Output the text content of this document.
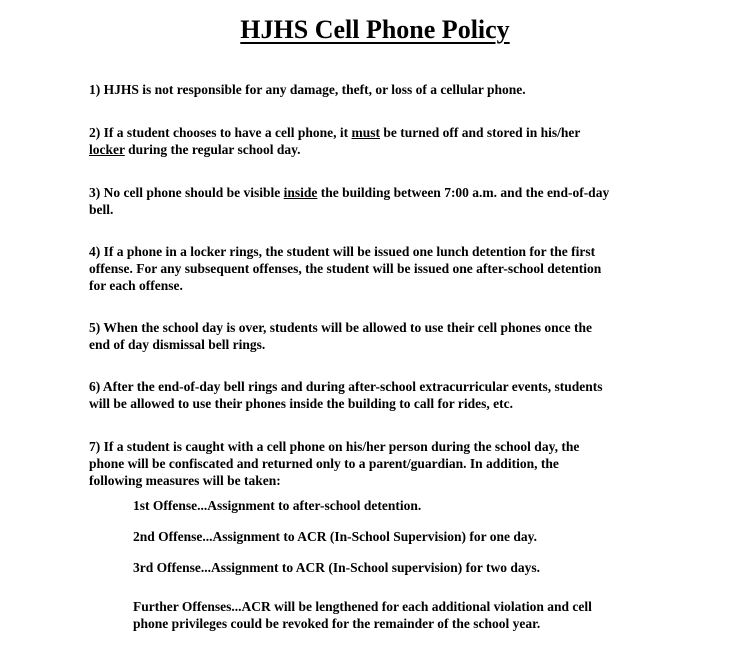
HJHS Cell Phone Policy
1) HJHS is not responsible for any damage, theft, or loss of a cellular phone.
2) If a student chooses to have a cell phone, it must be turned off and stored in his/her
locker during the regular school day.
3) No cell phone should be visible inside the building between 7:00 a.m. and the end-of-day
bell.
4) If a phone in a locker rings, the student will be issued one lunch detention for the first
offense. For any subsequent offenses, the student will be issued one after-school detention
for each offense.
5) When the school day is over, students will be allowed to use their cell phones once the
end of day dismissal bell rings.
6) After the end-of-day bell rings and during after-school extracurricular events, students
will be allowed to use their phones inside the building to call for rides, etc.
7) If a student is caught with a cell phone on his/her person during the school day, the
phone will be confiscated and returned only to a parent/guardian. In addition, the
following measures will be taken:
1st Offense...Assignment to after-school detention.
2nd Offense...Assignment to ACR (In-School Supervision) for one day.
3rd Offense...Assignment to ACR (In-School supervision) for two days.
Further Offenses...ACR will be lengthened for each additional violation and cell
phone privileges could be revoked for the remainder of the school year.
